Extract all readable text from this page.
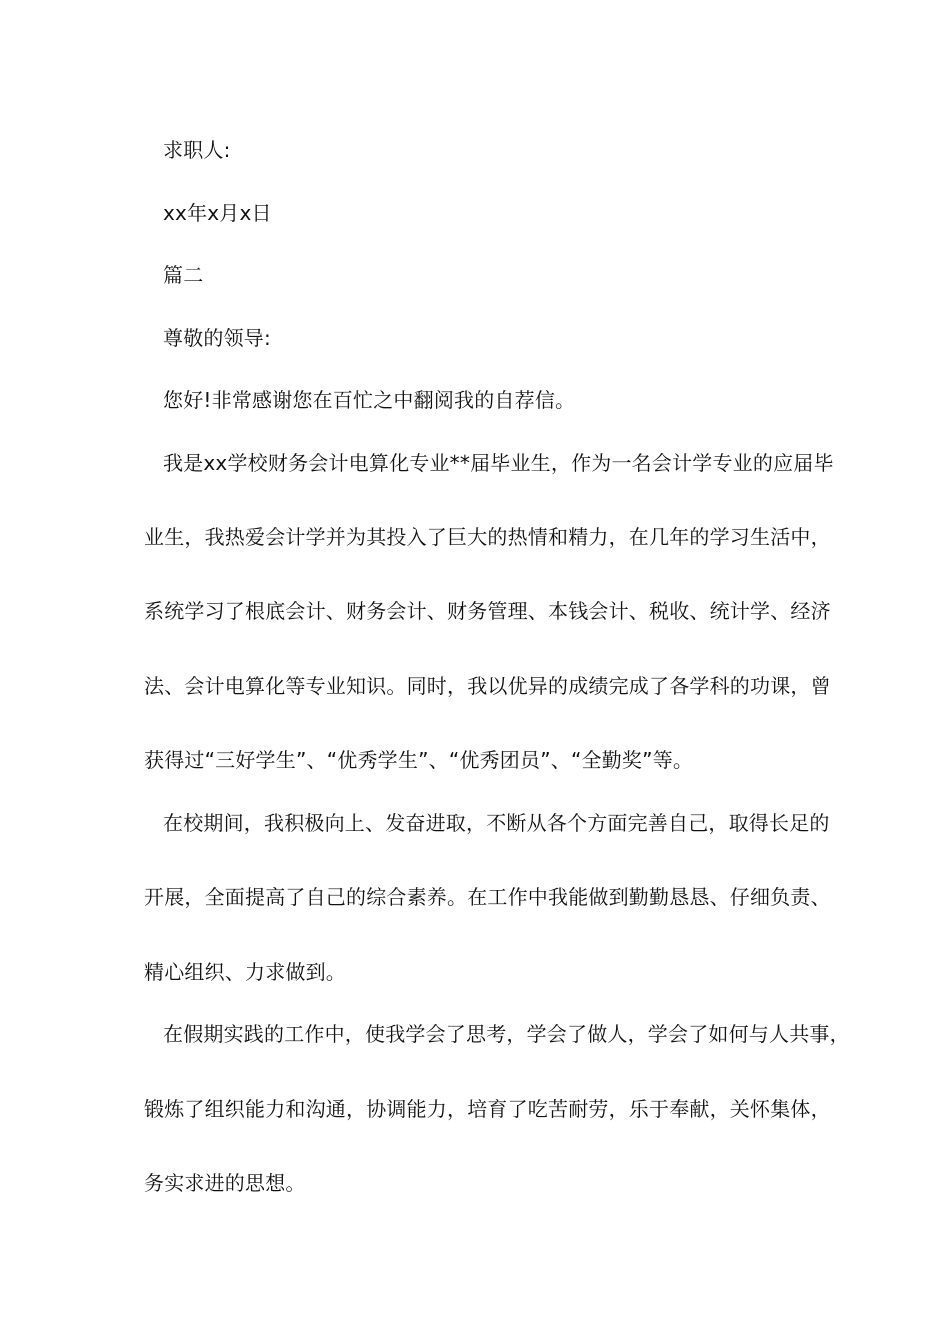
求职人:
xx年x月x日
篇二
尊敬的领导:
您好!非常感谢您在百忙之中翻阅我的自荐信。
我是xx学校财务会计电算化专业**届毕业生，作为一名会计学专业的应届毕
业生，我热爱会计学并为其投入了巨大的热情和精力，在几年的学习生活中，
系统学习了根底会计、财务会计、财务管理、本钱会计、税收、统计学、经济
法、会计电算化等专业知识。同时，我以优异的成绩完成了各学科的功课，曾
获得过“三好学生”、“优秀学生”、“优秀团员”、“全勤奖”等。
在校期间，我积极向上、发奋进取，不断从各个方面完善自己，取得长足的
开展，全面提高了自己的综合素养。在工作中我能做到勤勤恳恳、仔细负责、
精心组织、力求做到。
在假期实践的工作中，使我学会了思考，学会了做人，学会了如何与人共事，
锻炼了组织能力和沟通，协调能力，培育了吃苦耐劳，乐于奉献，关怀集体，
务实求进的思想。
